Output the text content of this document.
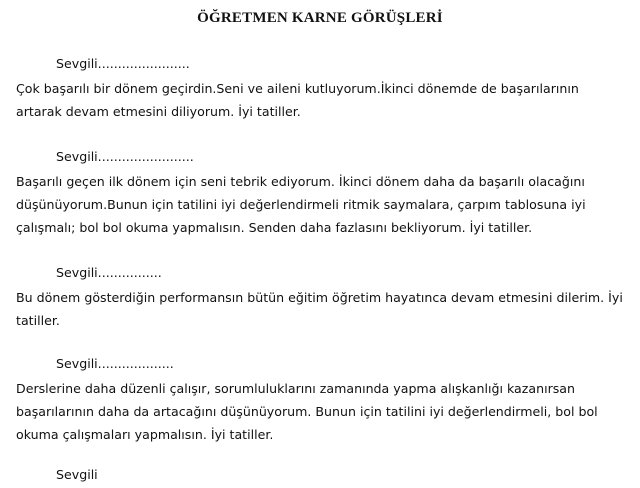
ÖĞRETMEN KARNE GÖRÜŞLERİ
Sevgili.......................
Çok başarılı bir dönem geçirdin.Seni ve aileni kutluyorum.İkinci dönemde de başarılarının
artarak devam etmesini diliyorum. İyi tatiller.
Sevgili........................
Başarılı geçen ilk dönem için seni tebrik ediyorum. İkinci dönem daha da başarılı olacağını
düşünüyorum.Bunun için tatilini iyi değerlendirmeli ritmik saymalara, çarpım tablosuna iyi
çalışmalı; bol bol okuma yapmalısın. Senden daha fazlasını bekliyorum. İyi tatiller.
Sevgili................
Bu dönem gösterdiğin performansın bütün eğitim öğretim hayatınca devam etmesini dilerim. İyi
tatiller.
Sevgili...................
Derslerine daha düzenli çalışır, sorumluluklarını zamanında yapma alışkanlığı kazanırsan
başarılarının daha da artacağını düşünüyorum. Bunun için tatilini iyi değerlendirmeli, bol bol
okuma çalışmaları yapmalısın. İyi tatiller.
Sevgili
